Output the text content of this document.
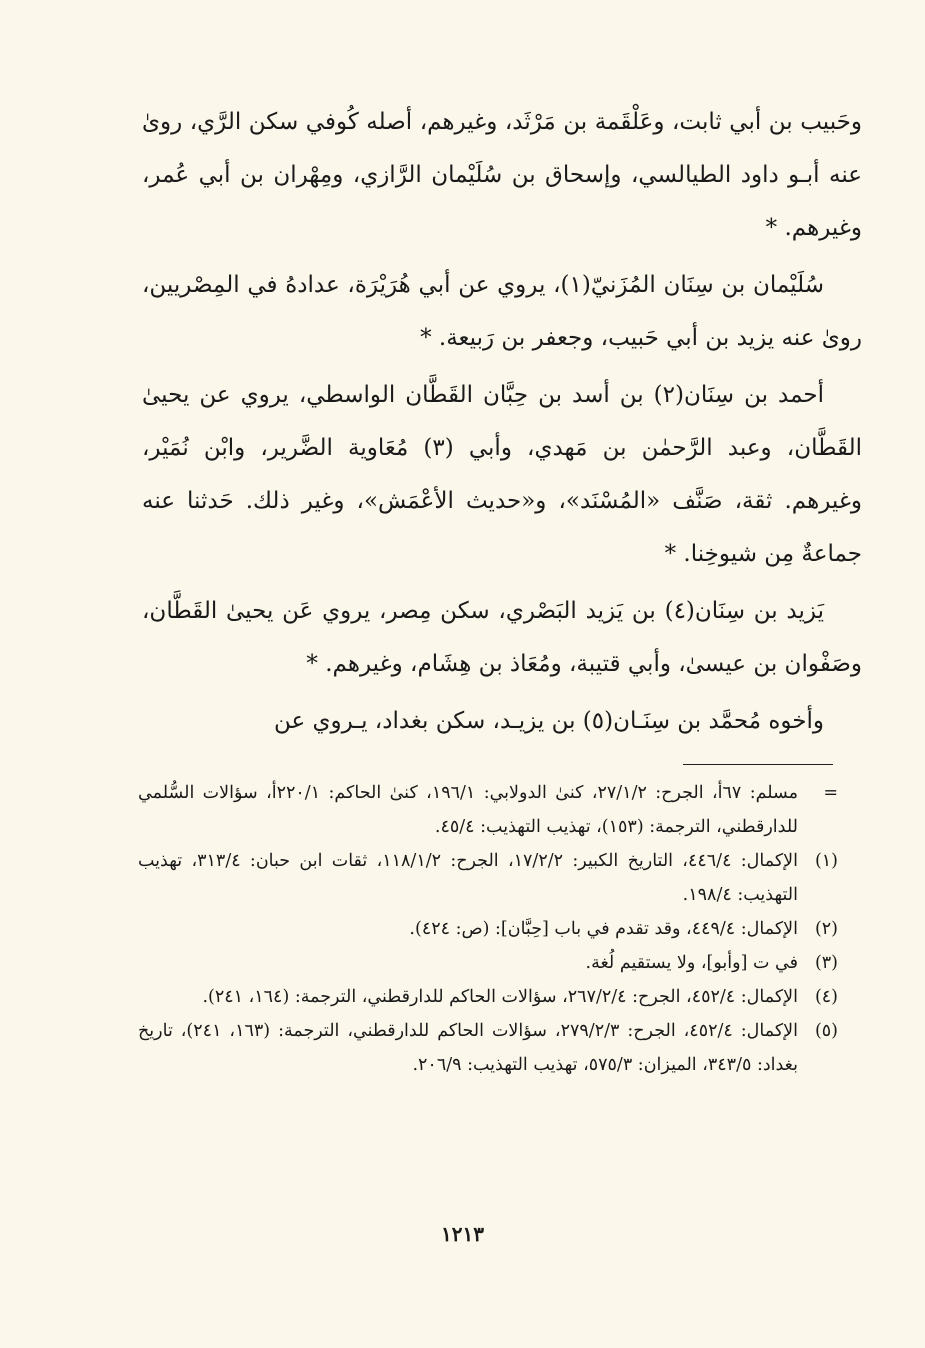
وحَبيب بن أبي ثابت، وعَلْقَمة بن مَرْثَد، وغيرهم، أصله كُوفي سكن الرَّي، روىٰ عنه أبـو داود الطيالسي، وإسحاق بن سُلَيْمان الرَّازي، ومِهْران بن أبي عُمر، وغيرهم. *

سُلَيْمان بن سِنَان المُزَنيّ(١)، يروي عن أبي هُرَيْرَة، عدادهُ في المِصْريين، روىٰ عنه يزيد بن أبي حَبيب، وجعفر بن رَبيعة. *

أحمد بن سِنَان(٢) بن أسد بن حِبَّان القَطَّان الواسطي، يروي عن يحيىٰ القَطَّان، وعبد الرَّحمٰن بن مَهدي، وأبي (٣) مُعَاوية الضَّرير، وابْن نُمَيْر، وغيرهم. ثقة، صَنَّف «المُسْنَد»، و«حديث الأعْمَش»، وغير ذلك. حَدثنا عنه جماعةٌ مِن شيوخِنا. *

يَزيد بن سِنَان(٤) بن يَزيد البَصْري، سكن مِصر، يروي عَن يحيىٰ القَطَّان، وصَفْوان بن عيسىٰ، وأبي قتيبة، ومُعَاذ بن هِشَام، وغيرهم. *

وأخوه مُحمَّد بن سِنَـان(٥) بن يزيـد، سكن بغداد، يـروي عن

=
مسلم: ٦٧أ، الجرح: ٢٧/١/٢، كنىٰ الدولابي: ١٩٦/١، كنىٰ الحاكم: ٢٢٠/١أ، سؤالات السُّلمي للدارقطني، الترجمة: (١٥٣)، تهذيب التهذيب: ٤٥/٤.

(١)
الإكمال: ٤٤٦/٤، التاريخ الكبير: ١٧/٢/٢، الجرح: ١١٨/١/٢، ثقات ابن حبان: ٣١٣/٤، تهذيب التهذيب: ١٩٨/٤.

(٢)
الإكمال: ٤٤٩/٤، وقد تقدم في باب [حِبَّان]: (ص: ٤٢٤).

(٣)
في ت [وأبو]، ولا يستقيم لُغة.

(٤)
الإكمال: ٤٥٢/٤، الجرح: ٢٦٧/٢/٤، سؤالات الحاكم للدارقطني، الترجمة: (١٦٤، ٢٤١).

(٥)
الإكمال: ٤٥٢/٤، الجرح: ٢٧٩/٢/٣، سؤالات الحاكم للدارقطني، الترجمة: (١٦٣، ٢٤١)، تاريخ بغداد: ٣٤٣/٥، الميزان: ٥٧٥/٣، تهذيب التهذيب: ٢٠٦/٩.

١٢١٣
